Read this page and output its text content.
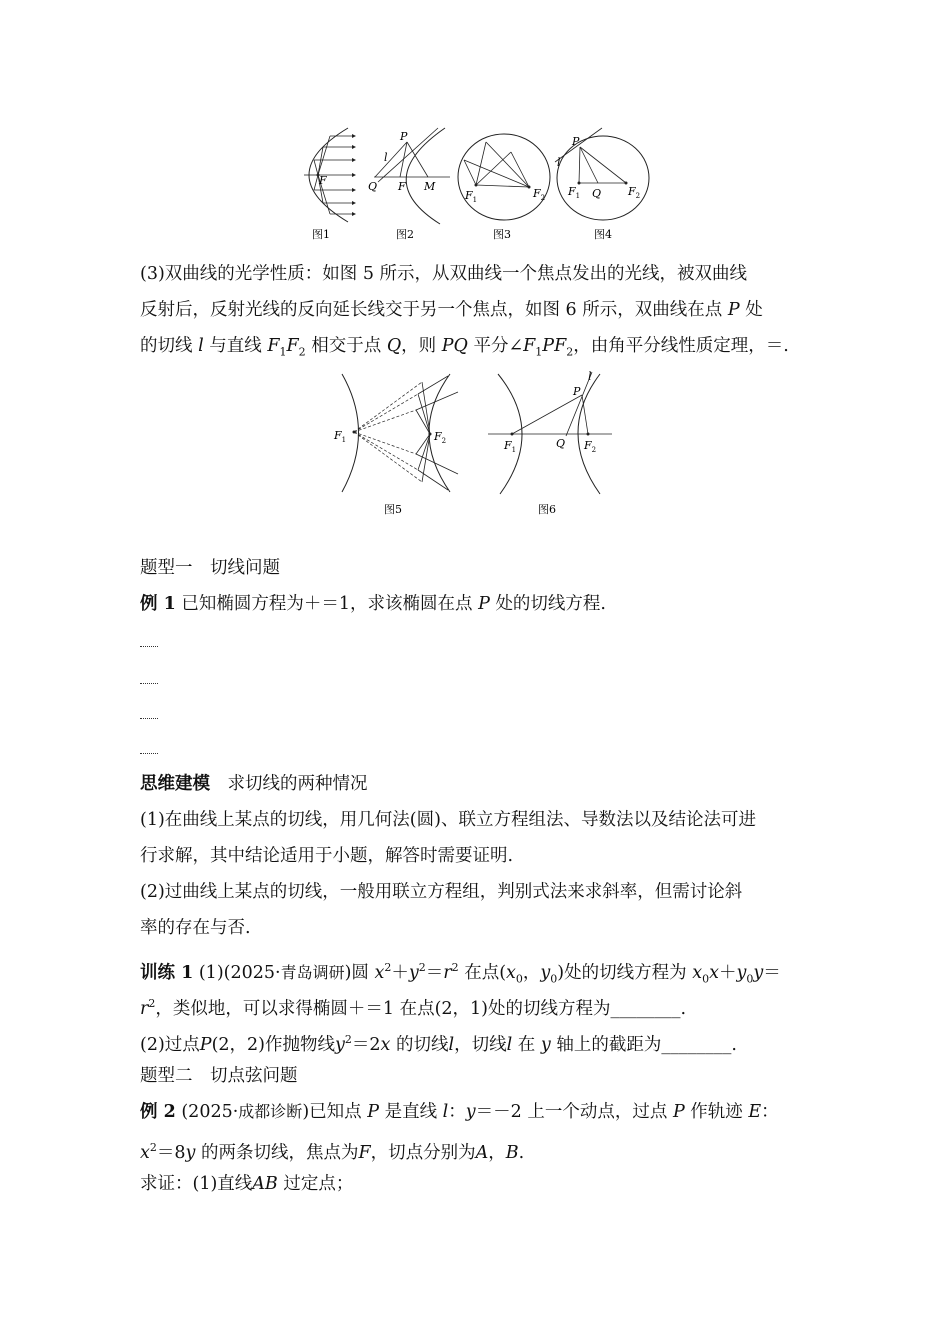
F
图1
P
l
Q F M
图2
$F_1$	$F_2$
图3
P
l
$F_1$ Q $F_2$
图4
(3)双曲线的光学性质：如图 5 所示，从双曲线一个焦点发出的光线，被双曲线
反射后，反射光线的反向延长线交于另一个焦点，如图 6 所示，双曲线在点 P 处
的切线 l 与直线 $F_1F_2$ 相交于点 Q，则 PQ 平分$\angle F_1PF_2$，由角平分线性质定理，＝.
$F_1$	$F_2$
图5
P
l
$F_1$	Q $F_2$
图6
题型一　切线问题
例 1 已知椭圆方程为＋＝1，求该椭圆在点 P 处的切线方程.
思维建模　 求切线的两种情况
(1)在曲线上某点的切线，用几何法(圆)、联立方程组法、导数法以及结论法可进
行求解，其中结论适用于小题，解答时需要证明.
(2)过曲线上某点的切线，一般用联立方程组，判别式法来求斜率，但需讨论斜
率的存在与否.
训练 1 (1)(2025·青岛调研)圆 $x^2+y^2=r^2$ 在点($x_0$，$y_0$)处的切线方程为 $x_0x+y_0y=$
$r^2$，类似地，可以求得椭圆＋＝1 在点(2，1)处的切线方程为________.
(2)过点P(2，2)作抛物线$y^2=2x$ 的切线l，切线l 在 y 轴上的截距为________.
题型二　切点弦问题
例 2 (2025·成都诊断)已知点 P 是直线 l：y＝－2 上一个动点，过点 P 作轨迹 E：
$x^2=8y$ 的两条切线，焦点为F，切点分别为A，B.
求证：(1)直线AB 过定点；
